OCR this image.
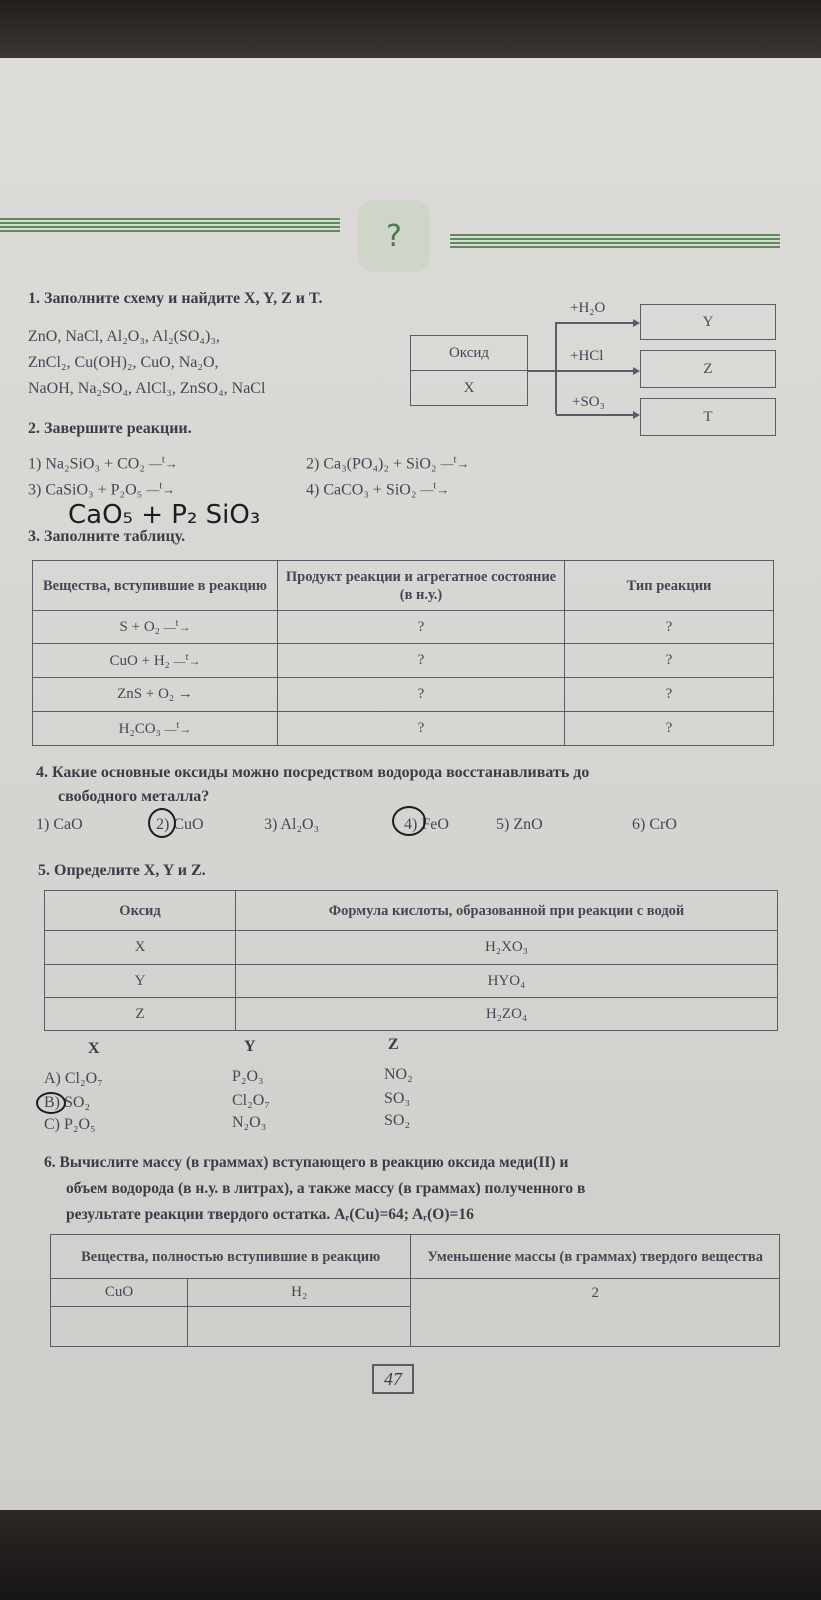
?
1. Заполните схему и найдите X, Y, Z и T.
ZnO, NaCl, Al₂O₃, Al₂(SO₄)₃,
ZnCl₂, Cu(OH)₂, CuO, Na₂O,
NaOH, Na₂SO₄, AlCl₃, ZnSO₄, NaCl
Оксид
X
+H₂O
+HCl
+SO₃
Y
Z
T
2. Завершите реакции.
1) Na₂SiO₃ + CO₂ —$^t$→	2) Ca₃(PO₄)₂ + SiO₂ —$^t$→
3) CaSiO₃ + P₂O₅ —$^t$→	4) CaCO₃ + SiO₂ —$^t$→
CaO₅ + P₂ SiO₃
3. Заполните таблицу.
Вещества, вступившие в реакцию	Продукт реакции и агрегатное состояние (в н.у.)	Тип реакции
S + O₂ —$^t$→	?	?
CuO + H₂ —$^t$→	?	?
ZnS + O₂ →	?	?
H₂CO₃ —$^t$→	?	?
4. Какие основные оксиды можно посредством водорода восстанавливать до
свободного металла?
1) CaO	2) CuO	3) Al₂O₃	4) FeO	5) ZnO	6) CrO
5. Определите X, Y и Z.
Оксид	Формула кислоты, образованной при реакции с водой
X	H₂XO₃
Y	HYO₄
Z	H₂ZO₄
X	Y	Z
A) Cl₂O₇	P₂O₃	NO₂
B) SO₂	Cl₂O₇	SO₃
C) P₂O₅	N₂O₃	SO₂
6. Вычислите массу (в граммах) вступающего в реакцию оксида меди(II) и
объем водорода (в н.у. в литрах), а также массу (в граммах) полученного в
результате реакции твердого остатка. Aᵣ(Cu)=64; Aᵣ(O)=16
Вещества, полностью вступившие в реакцию		Уменьшение массы (в граммах) твердого вещества
CuO	H₂	2

47
